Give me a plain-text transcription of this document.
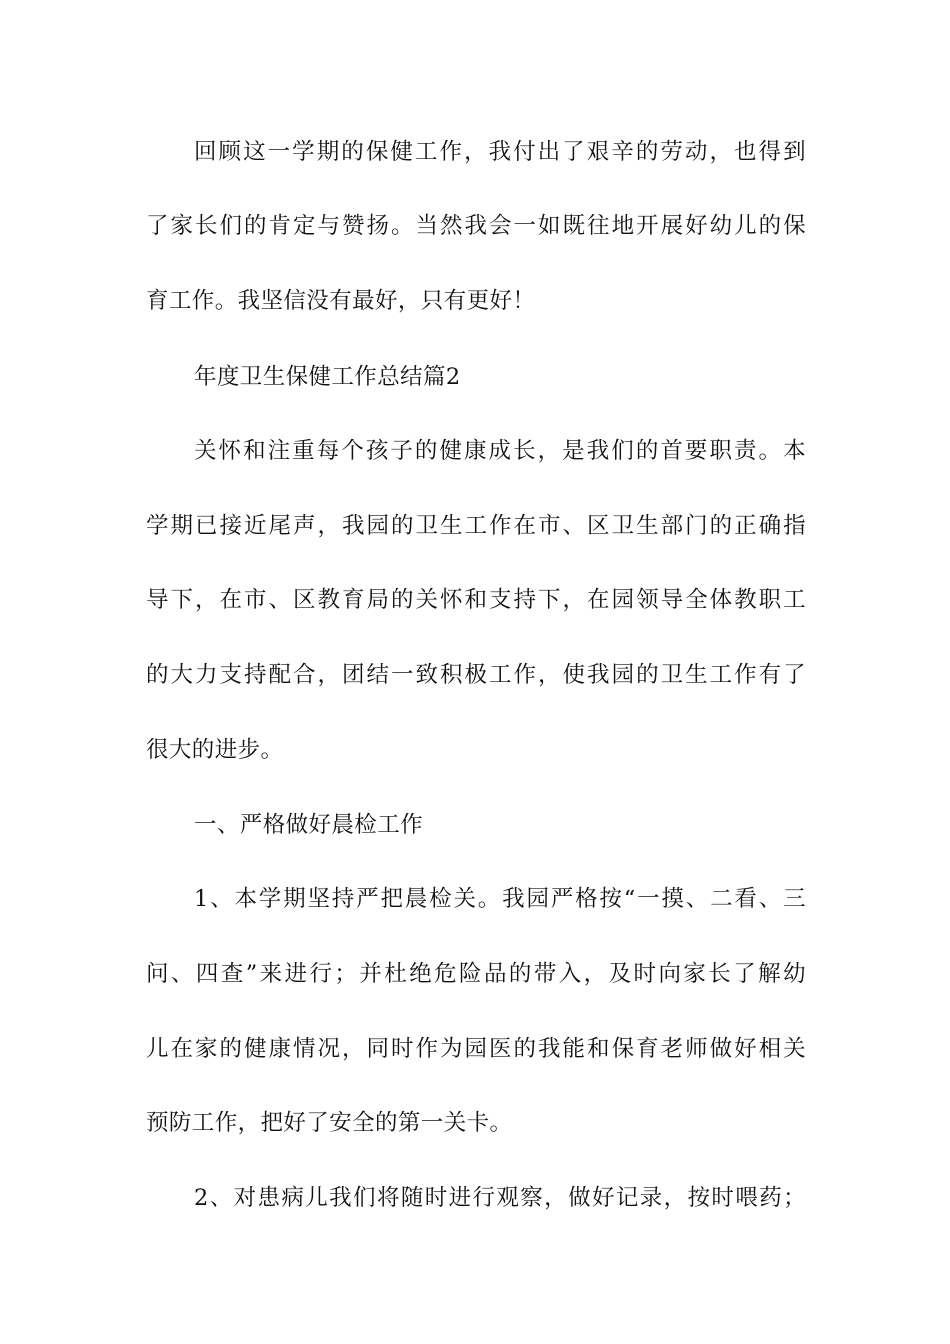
回顾这一学期的保健工作，我付出了艰辛的劳动，也得到
了家长们的肯定与赞扬。当然我会一如既往地开展好幼儿的保
育工作。我坚信没有最好，只有更好！
年度卫生保健工作总结篇2
关怀和注重每个孩子的健康成长，是我们的首要职责。本
学期已接近尾声，我园的卫生工作在市、区卫生部门的正确指
导下，在市、区教育局的关怀和支持下，在园领导全体教职工
的大力支持配合，团结一致积极工作，使我园的卫生工作有了
很大的进步。
一、严格做好晨检工作
1、本学期坚持严把晨检关。我园严格按“一摸、二看、三
问、四查”来进行；并杜绝危险品的带入，及时向家长了解幼
儿在家的健康情况，同时作为园医的我能和保育老师做好相关
预防工作，把好了安全的第一关卡。
2、对患病儿我们将随时进行观察，做好记录，按时喂药；
